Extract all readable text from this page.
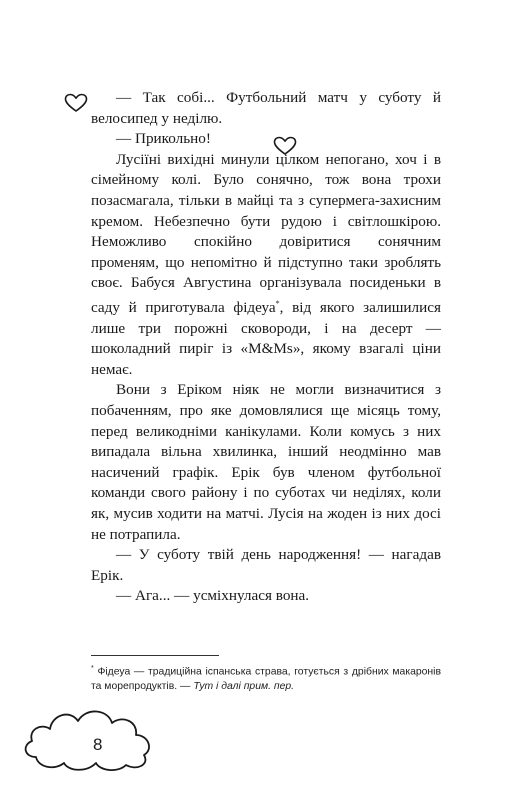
— Так собі... Футбольний матч у суботу й велосипед у неділю.

— Прикольно!

Лусіїні вихідні минули цілком непогано, хоч і в сімейному колі. Було сонячно, тож вона трохи позасмагала, тільки в майці та з супермега-захисним кремом. Небезпечно бути рудою і світлошкірою. Неможливо спокійно довіритися сонячним променям, що непомітно й підступно таки зроблять своє. Бабуся Августина організувала посиденьки в саду й приготувала фідеуа*, від якого залишилися лише три порожні сковороди, і на десерт — шоколадний пиріг із «M&Ms», якому взагалі ціни немає.

Вони з Еріком ніяк не могли визначитися з побаченням, про яке домовлялися ще місяць тому, перед великодніми канікулами. Коли комусь з них випадала вільна хвилинка, інший неодмінно мав насичений графік. Ерік був членом футбольної команди свого району і по суботах чи неділях, коли як, мусив ходити на матчі. Лусія на жоден із них досі не потрапила.

— У суботу твій день народження! — нагадав Ерік.

— Ага... — усміхнулася вона.

* Фідеуа — традиційна іспанська страва, готується з дрібних макаронів та морепродуктів. — Тут і далі прим. пер.
8
